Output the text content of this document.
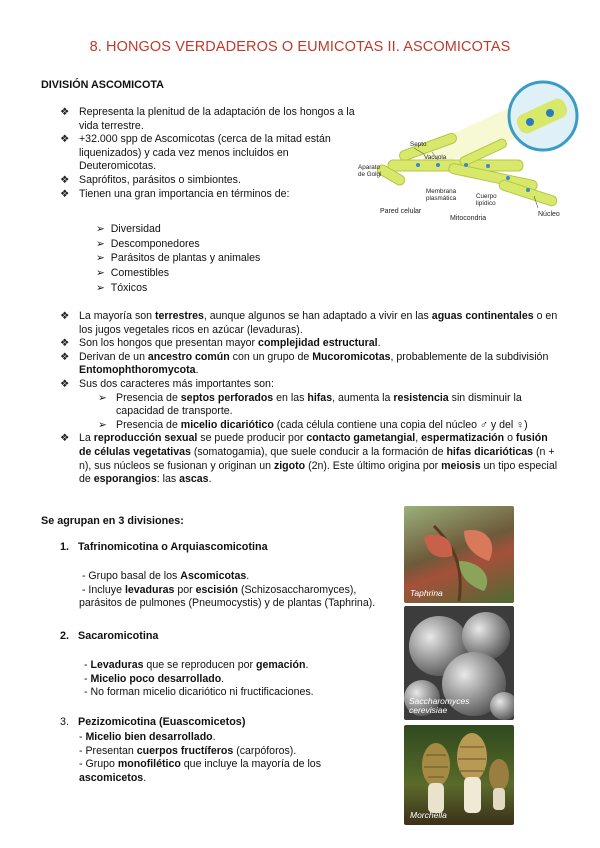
8. HONGOS VERDADEROS O EUMICOTAS II. ASCOMICOTAS
DIVISIÓN ASCOMICOTA
❖ Representa la plenitud de la adaptación de los hongos a la vida terrestre.
❖ +32.000 spp de Ascomicotas (cerca de la mitad están liquenizados) y cada vez menos incluidos en Deuteromicotas.
❖ Saprófitos, parásitos o simbiontes.
❖ Tienen una gran importancia en términos de:
➢  Diversidad
➢  Descomponedores
➢  Parásitos de plantas y animales
➢  Comestibles
➢  Tóxicos
Septo
Vacuola
Aparato de Golgi
Membrana plasmática	Cuerpo lipídico
Pared celular
Mitocondria
Núcleo
❖ La mayoría son terrestres, aunque algunos se han adaptado a vivir en las aguas continentales o en los jugos vegetales ricos en azúcar (levaduras).
❖ Son los hongos que presentan mayor complejidad estructural.
❖ Derivan de un ancestro común con un grupo de Mucoromicotas, probablemente de la subdivisión Entomophthoromycota.
❖ Sus dos caracteres más importantes son:
➢ Presencia de septos perforados en las hifas, aumenta la resistencia sin disminuir la capacidad de transporte.
➢ Presencia de micelio dicariótico (cada célula contiene una copia del núcleo ♂ y del ♀)
❖ La reproducción sexual se puede producir por contacto gametangial, espermatización o fusión de células vegetativas (somatogamia), que suele conducir a la formación de hifas dicarióticas (n + n), sus núcleos se fusionan y originan un zigoto (2n). Este último origina por meiosis un tipo especial de esporangios: las ascas.
Se agrupan en 3 divisiones:
1. Tafrinomicotina o Arquiascomicotina
- Grupo basal de los Ascomicotas.
- Incluye levaduras por escisión (Schizosaccharomyces), parásitos de pulmones (Pneumocystis) y de plantas (Taphrina).
2. Sacaromicotina
- Levaduras que se reproducen por gemación.
- Micelio poco desarrollado.
- No forman micelio dicariótico ni fructificaciones.
3. Pezizomicotina (Euascomicetos)
- Micelio bien desarrollado.
- Presentan cuerpos fructíferos (carpóforos).
- Grupo monofilético que incluye la mayoría de los ascomicetos.
Taphrina
Saccharomyces cerevisiae
Morchella
